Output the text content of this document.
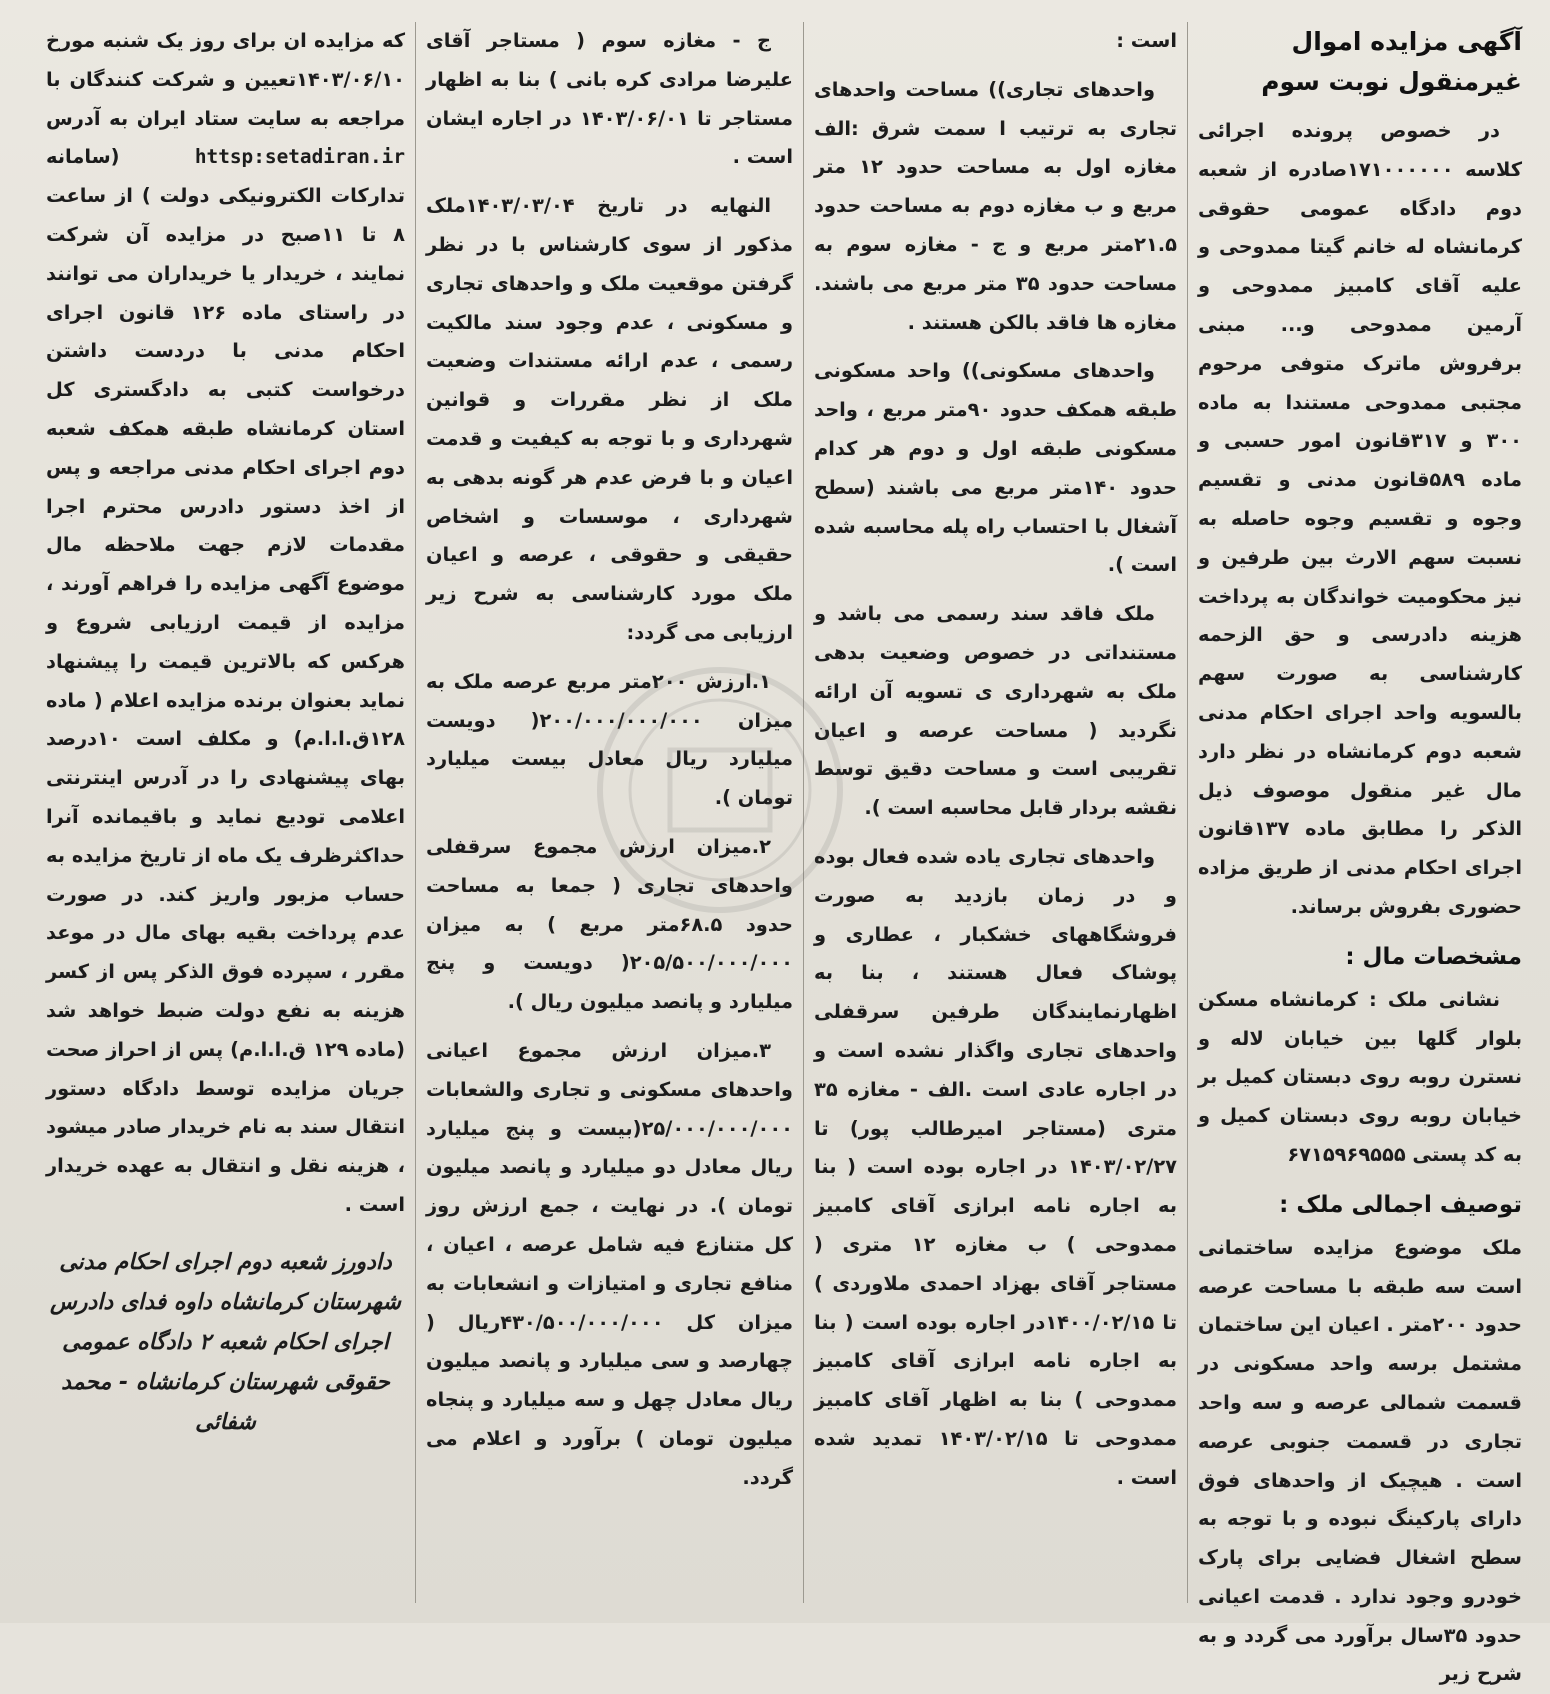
آگهی مزایده اموال غیرمنقول نوبت سوم
در خصوص پرونده اجرائی کلاسه ۱۷۱۰۰۰۰۰۰صادره از شعبه دوم دادگاه عمومی حقوقی کرمانشاه له خانم گیتا ممدوحی و علیه آقای کامبیز ممدوحی و آرمین ممدوحی و... مبنی برفروش ماترک متوفی مرحوم مجتبی ممدوحی مستندا به ماده ۳۰۰ و ۳۱۷قانون امور حسبی و ماده ۵۸۹قانون مدنی و تقسیم وجوه و تقسیم وجوه حاصله به نسبت سهم الارث بین طرفین و نیز محکومیت خواندگان به پرداخت هزینه دادرسی و حق الزحمه کارشناسی به صورت سهم بالسویه واحد اجرای احکام مدنی شعبه دوم کرمانشاه در نظر دارد مال غیر منقول موصوف ذیل الذکر را مطابق ماده ۱۳۷قانون اجرای احکام مدنی از طریق مزاده حضوری بفروش برساند.
مشخصات مال :
نشانی ملک : کرمانشاه مسکن بلوار گلها بین خیابان لاله و نسترن روبه روی دبستان کمیل بر خیابان روبه روی دبستان کمیل و به کد پستی ۶۷۱۵۹۶۹۵۵۵
توصیف اجمالی ملک :
ملک موضوع مزایده ساختمانی است سه طبقه با مساحت عرصه حدود ۲۰۰متر . اعیان این ساختمان مشتمل برسه واحد مسکونی در قسمت شمالی عرصه و سه واحد تجاری در قسمت جنوبی عرصه است . هیچیک از واحدهای فوق دارای پارکینگ نبوده و با توجه به سطح اشغال فضایی برای پارک خودرو وجود ندارد . قدمت اعیانی حدود ۳۵سال برآورد می گردد و به شرح زیر
است :
واحدهای تجاری)) مساحت واحدهای تجاری به ترتیب ا سمت شرق :الف مغازه اول به مساحت حدود ۱۲ متر مربع و ب مغازه دوم به مساحت حدود ۲۱.۵متر مربع و ج - مغازه سوم به مساحت حدود ۳۵ متر مربع می باشند. مغازه ها فاقد بالکن هستند .
واحدهای مسکونی)) واحد مسکونی طبقه همکف حدود ۹۰متر مربع ، واحد مسکونی طبقه اول و دوم هر کدام حدود ۱۴۰متر مربع می باشند (سطح آشغال با احتساب راه پله محاسبه شده است ).
ملک فاقد سند رسمی می باشد و مستنداتی در خصوص وضعیت بدهی ملک به شهرداری ی تسویه آن ارائه نگردید ( مساحت عرصه و اعیان تقریبی است و مساحت دقیق توسط نقشه بردار قابل محاسبه است ).
واحدهای تجاری یاده شده فعال بوده و در زمان بازدید به صورت فروشگاههای خشکبار ، عطاری و پوشاک فعال هستند ، بنا به اظهارنمایندگان طرفین سرقفلی واحدهای تجاری واگذار نشده است و در اجاره عادی است .الف - مغازه ۳۵ متری (مستاجر امیرطالب پور) تا ۱۴۰۳/۰۲/۲۷ در اجاره بوده است ( بنا به اجاره نامه ابرازی آقای کامبیز ممدوحی ) ب مغازه ۱۲ متری ( مستاجر آقای بهزاد احمدی ملاوردی ) تا ۱۴۰۰/۰۲/۱۵در اجاره بوده است ( بنا به اجاره نامه ابرازی آقای کامبیز ممدوحی ) بنا به اظهار آقای کامبیز ممدوحی تا ۱۴۰۳/۰۲/۱۵ تمدید شده است .
ج - مغازه سوم ( مستاجر آقای علیرضا مرادی کره بانی ) بنا به اظهار مستاجر تا ۱۴۰۳/۰۶/۰۱ در اجاره ایشان است .
النهایه در تاریخ ۱۴۰۳/۰۳/۰۴ملک مذکور از سوی کارشناس با در نظر گرفتن موقعیت ملک و واحدهای تجاری و مسکونی ، عدم وجود سند مالکیت رسمی ، عدم ارائه مستندات وضعیت ملک از نظر مقررات و قوانین شهرداری و با توجه به کیفیت و قدمت اعیان و با فرض عدم هر گونه بدهی به شهرداری ، موسسات و اشخاص حقیقی و حقوقی ، عرصه و اعیان ملک مورد کارشناسی به شرح زیر ارزیابی می گردد:
۱.ارزش ۲۰۰متر مربع عرصه ملک به میزان ۲۰۰/۰۰۰/۰۰۰/۰۰۰( دویست میلیارد ریال معادل بیست میلیارد تومان ).
۲.میزان ارزش مجموع سرقفلی واحدهای تجاری ( جمعا به مساحت حدود ۶۸.۵متر مربع ) به میزان ۲۰۵/۵۰۰/۰۰۰/۰۰۰( دویست و پنج میلیارد و پانصد میلیون ریال ).
۳.میزان ارزش مجموع اعیانی واحدهای مسکونی و تجاری والشعابات ۲۵/۰۰۰/۰۰۰/۰۰۰(بیست و پنج میلیارد ریال معادل دو میلیارد و پانصد میلیون تومان ). در نهایت ، جمع ارزش روز کل متنازع فیه شامل عرصه ، اعیان ، منافع تجاری و امتیازات و انشعابات به میزان کل ۴۳۰/۵۰۰/۰۰۰/۰۰۰ریال ( چهارصد و سی میلیارد و پانصد میلیون ریال معادل چهل و سه میلیارد و پنجاه میلیون تومان ) برآورد و اعلام می گردد.
که مزایده ان برای روز یک شنبه مورخ ۱۴۰۳/۰۶/۱۰تعیین و شرکت کنندگان با مراجعه به سایت ستاد ایران به آدرس httsp:setadiran.ir (سامانه تدارکات الکترونیکی دولت ) از ساعت ۸ تا ۱۱صبح در مزایده آن شرکت نمایند ، خریدار یا خریداران می توانند در راستای ماده ۱۲۶ قانون اجرای احکام مدنی با دردست داشتن درخواست کتبی به دادگستری کل استان کرمانشاه طبقه همکف شعبه دوم اجرای احکام مدنی مراجعه و پس از اخذ دستور دادرس محترم اجرا مقدمات لازم جهت ملاحظه مال موضوع آگهی مزایده را فراهم آورند ، مزایده از قیمت ارزیابی شروع و هرکس که بالاترین قیمت را پیشنهاد نماید بعنوان برنده مزایده اعلام ( ماده ۱۲۸ق.ا.ا.م) و مکلف است ۱۰درصد بهای پیشنهادی را در آدرس اینترنتی اعلامی تودیع نماید و باقیمانده آنرا حداکثرظرف یک ماه از تاریخ مزایده به حساب مزبور واریز کند. در صورت عدم پرداخت بقیه بهای مال در موعد مقرر ، سپرده فوق الذکر پس از کسر هزینه به نفع دولت ضبط خواهد شد (ماده ۱۲۹ ق.ا.ا.م) پس از احراز صحت جریان مزایده توسط دادگاه دستور انتقال سند به نام خریدار صادر میشود ، هزینه نقل و انتقال به عهده خریدار است .
دادورز شعبه دوم اجرای احکام مدنی شهرستان کرمانشاه داوه فدای دادرس اجرای احکام شعبه ۲ دادگاه عمومی حقوقی شهرستان کرمانشاه - محمد شفائی
